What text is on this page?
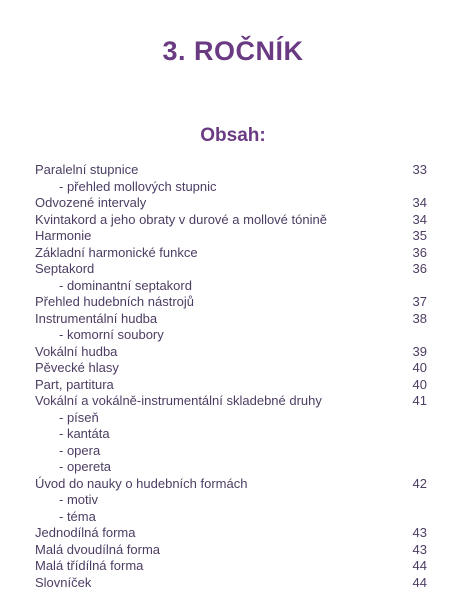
3. ROČNÍK
Obsah:
Paralelní stupnice	33
- přehled mollových stupnic
Odvozené intervaly	34
Kvintakord a jeho obraty v durové a mollové tónině	34
Harmonie	35
Základní harmonické funkce	36
Septakord	36
- dominantní septakord
Přehled hudebních nástrojů	37
Instrumentální hudba	38
- komorní soubory
Vokální hudba	39
Pěvecké hlasy	40
Part, partitura	40
Vokální a vokálně-instrumentální skladebné druhy	41
- píseň
- kantáta
- opera
- opereta
Úvod do nauky o hudebních formách	42
- motiv
- téma
Jednodílná forma	43
Malá dvoudílná forma	43
Malá třídílná forma	44
Slovníček	44
